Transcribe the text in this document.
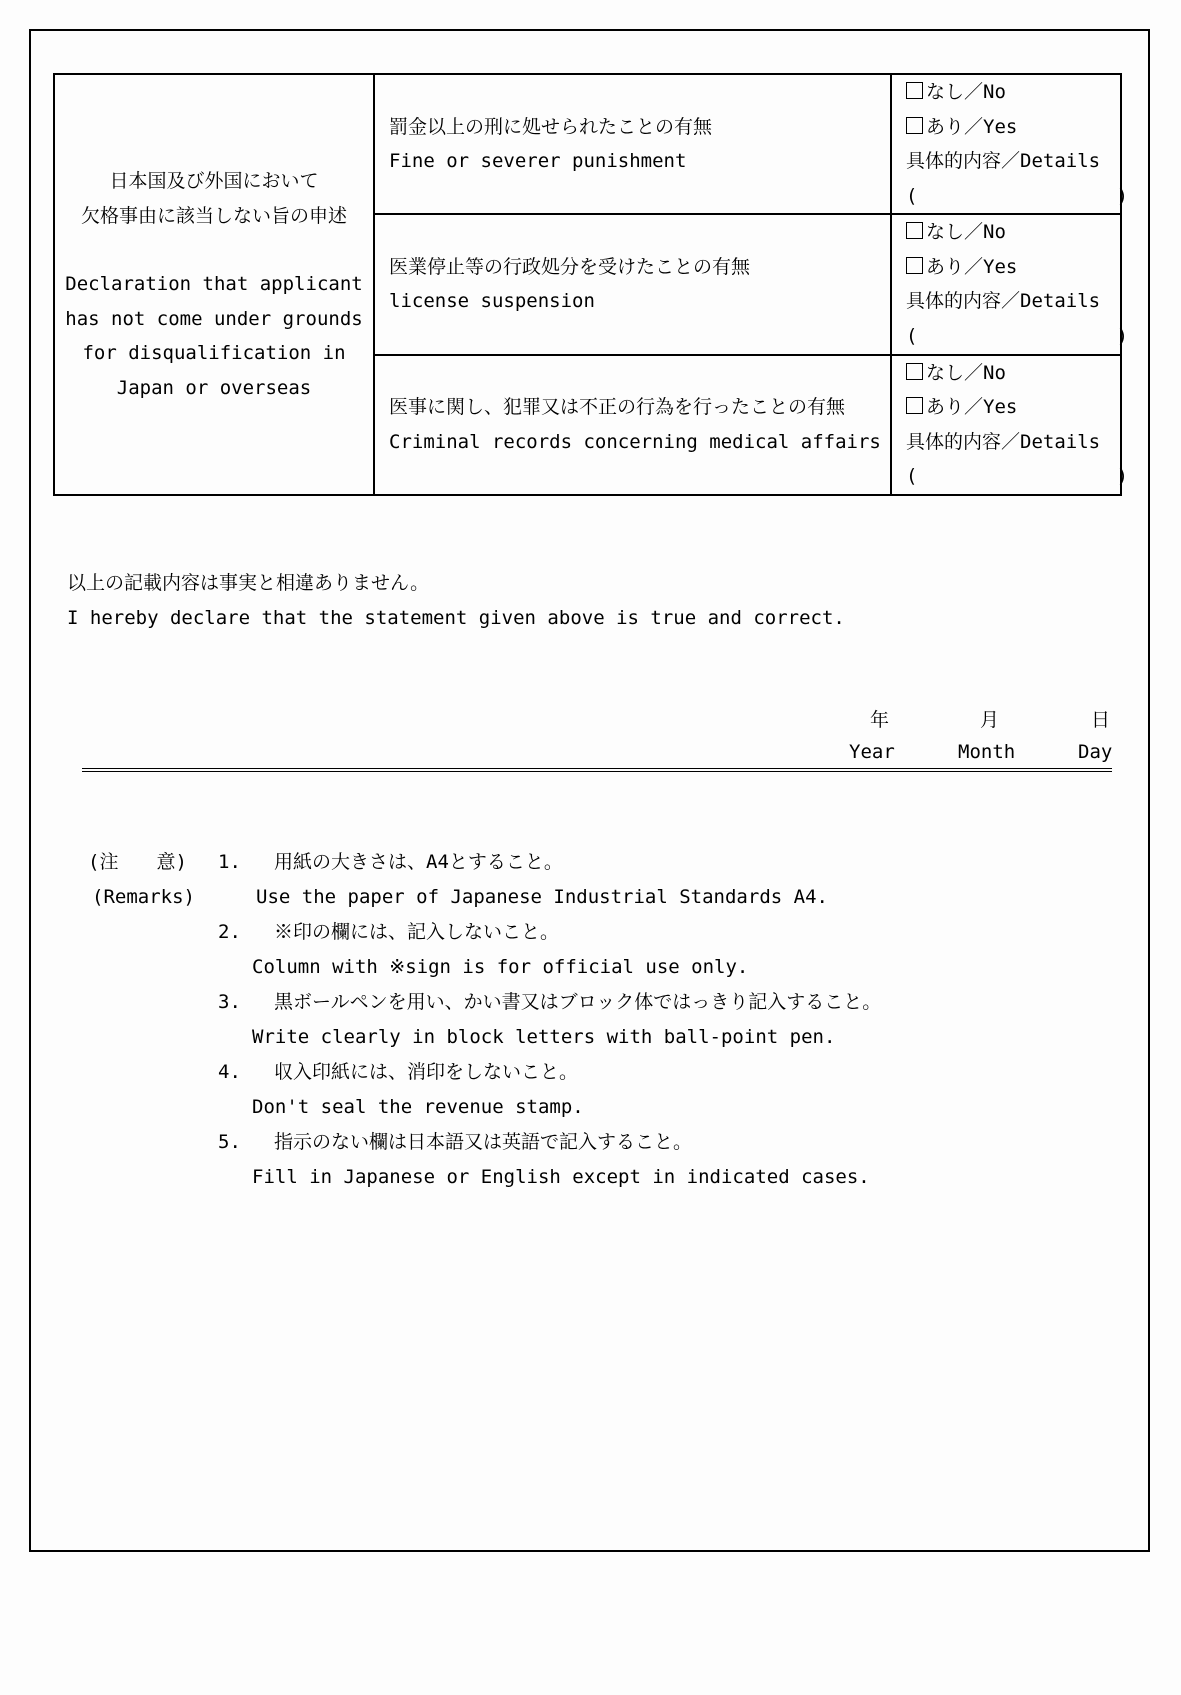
日本国及び外国において
欠格事由に該当しない旨の申述
Declaration that applicant
has not come under grounds
for disqualification in
Japan or overseas

罰金以上の刑に処せられたことの有無
Fine or severer punishment

なし／No
あり／Yes
具体的内容／Details
(	)

医業停止等の行政処分を受けたことの有無
license suspension

なし／No
あり／Yes
具体的内容／Details
(	)

医事に関し、犯罪又は不正の行為を行ったことの有無
Criminal records concerning medical affairs

なし／No
あり／Yes
具体的内容／Details
(	)
以上の記載内容は事実と相違ありません。
I hereby declare that the statement given above is true and correct.
年	月	日
Year	Month	Day
(注　　意)
(Remarks)
1. 用紙の大きさは、A4とすること。
Use the paper of Japanese Industrial Standards A4.
2. ※印の欄には、記入しないこと。
Column with ※sign is for official use only.
3. 黒ボールペンを用い、かい書又はブロック体ではっきり記入すること。
Write clearly in block letters with ball-point pen.
4. 収入印紙には、消印をしないこと。
Don't seal the revenue stamp.
5. 指示のない欄は日本語又は英語で記入すること。
Fill in Japanese or English except in indicated cases.
